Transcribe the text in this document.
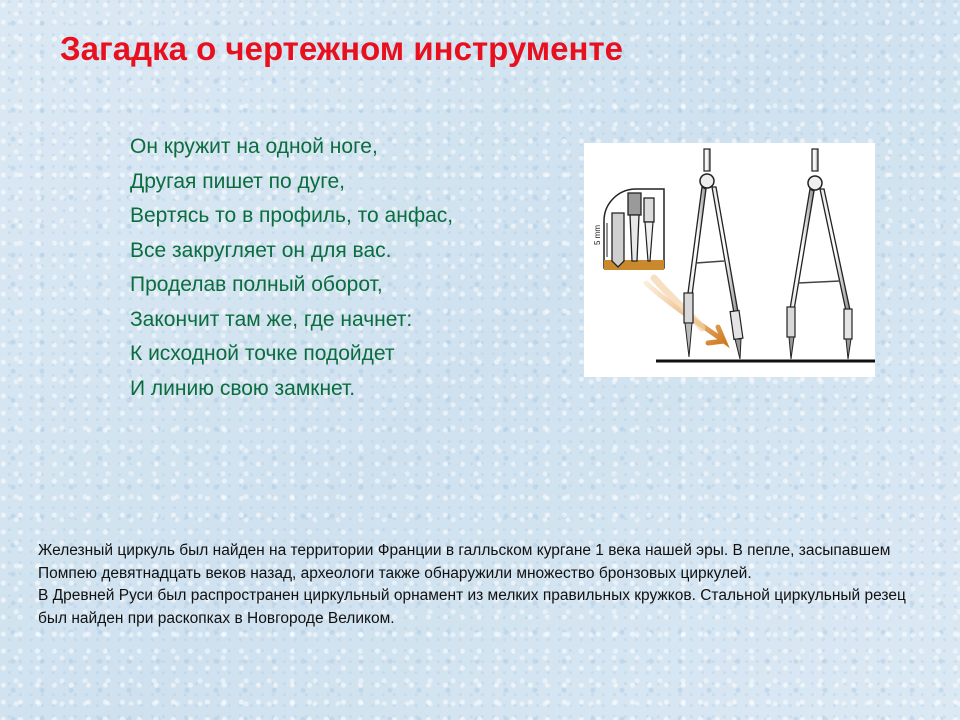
Загадка о чертежном инструменте
Он кружит на одной ноге,
Другая пишет по дуге,
Вертясь то в профиль, то анфас,
Все закругляет он для вас.
Проделав полный оборот,
Закончит там же, где начнет:
К исходной точке подойдет
И линию свою замкнет.
5 mm

Железный циркуль был найден на территории Франции в галльском кургане 1 века нашей эры. В пепле, засыпавшем Помпею девятнадцать веков назад, археологи также обнаружили множество бронзовых циркулей.

В Древней Руси был распространен циркульный орнамент из мелких правильных кружков. Стальной циркульный резец был найден при раскопках в Новгороде Великом.
